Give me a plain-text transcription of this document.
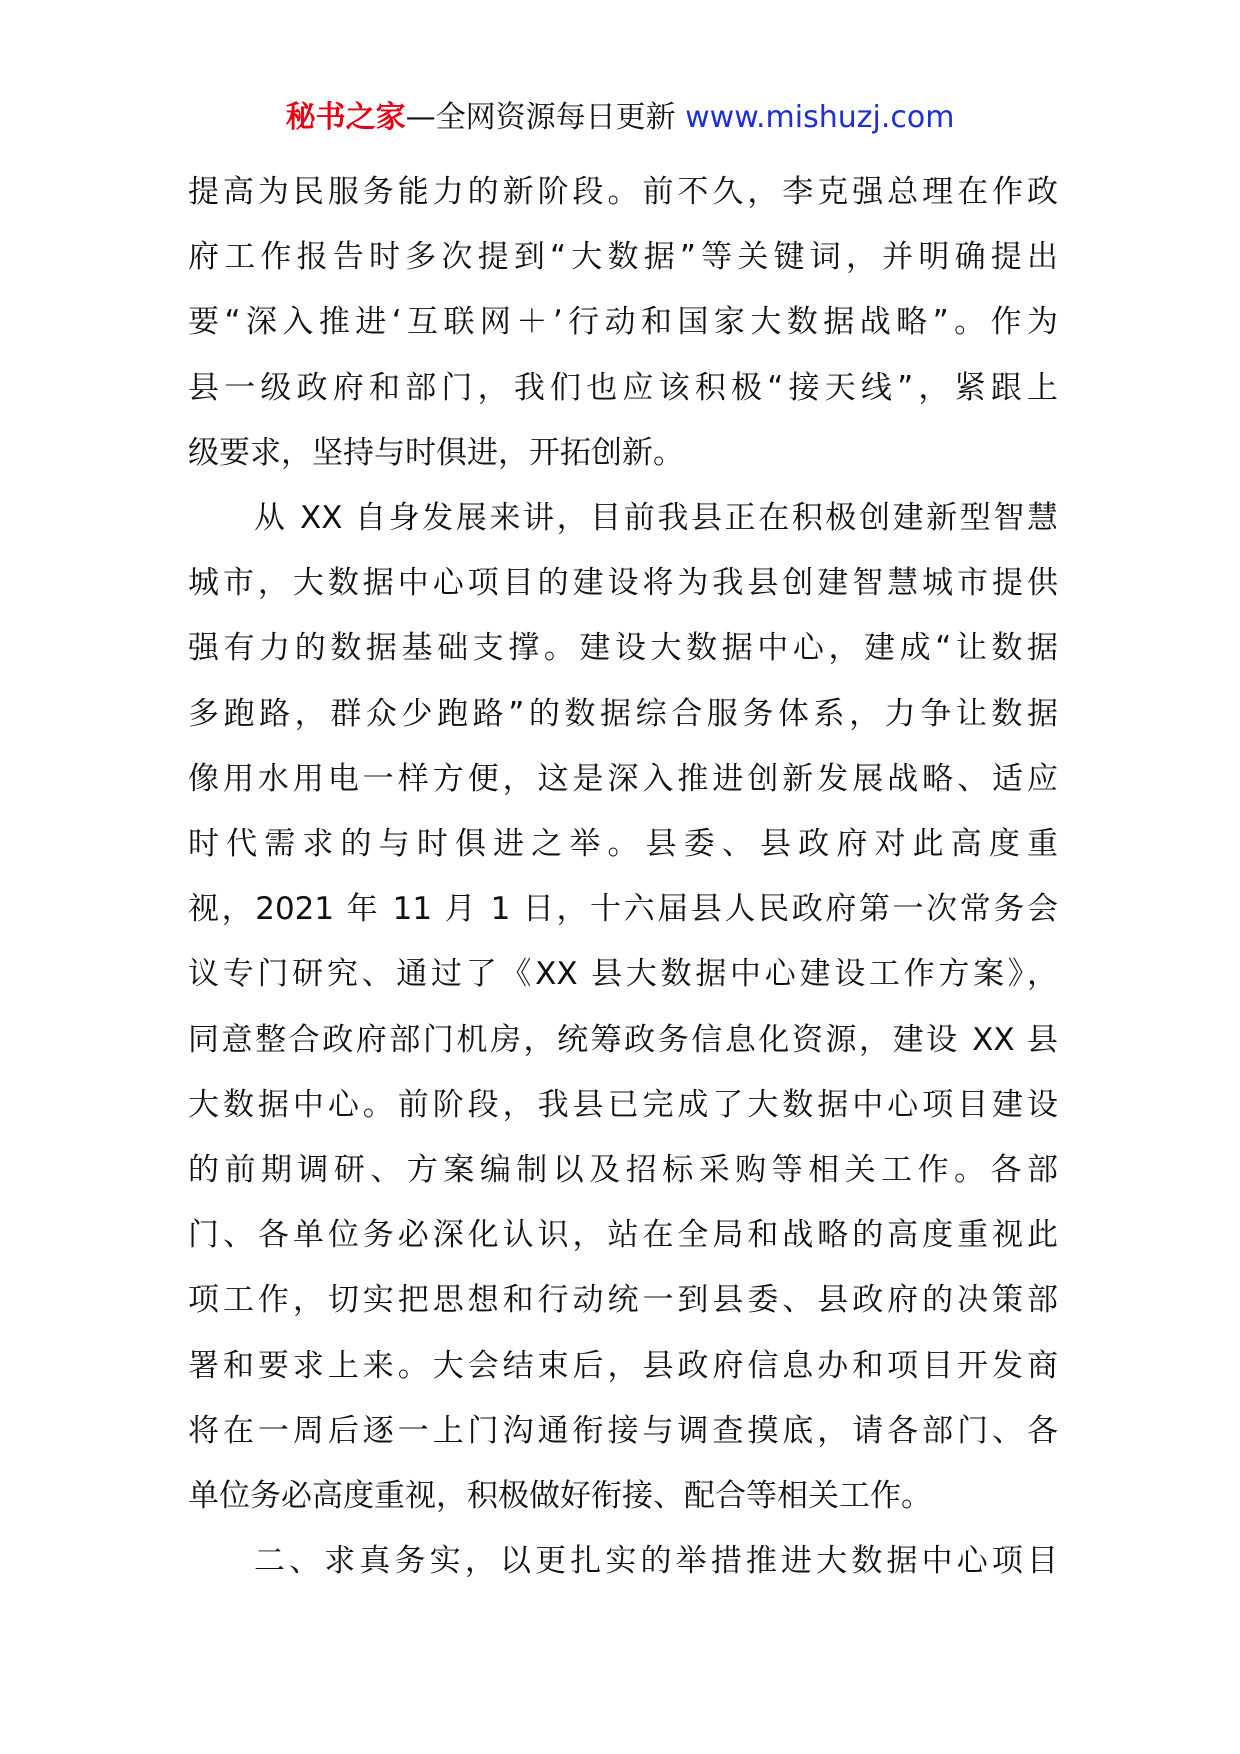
秘书之家—全网资源每日更新 www.mishuzj.com
提高为民服务能力的新阶段。前不久，李克强总理在作政
府工作报告时多次提到“大数据”等关键词，并明确提出
要“深入推进‘互联网＋’行动和国家大数据战略”。作为
县一级政府和部门，我们也应该积极“接天线”，紧跟上
级要求，坚持与时俱进，开拓创新。
从 XX 自身发展来讲，目前我县正在积极创建新型智慧
城市，大数据中心项目的建设将为我县创建智慧城市提供
强有力的数据基础支撑。建设大数据中心，建成“让数据
多跑路，群众少跑路”的数据综合服务体系，力争让数据
像用水用电一样方便，这是深入推进创新发展战略、适应
时代需求的与时俱进之举。县委、县政府对此高度重
视，2021 年 11 月 1 日，十六届县人民政府第一次常务会
议专门研究、通过了《XX 县大数据中心建设工作方案》，
同意整合政府部门机房，统筹政务信息化资源，建设 XX 县
大数据中心。前阶段，我县已完成了大数据中心项目建设
的前期调研、方案编制以及招标采购等相关工作。各部
门、各单位务必深化认识，站在全局和战略的高度重视此
项工作，切实把思想和行动统一到县委、县政府的决策部
署和要求上来。大会结束后，县政府信息办和项目开发商
将在一周后逐一上门沟通衔接与调查摸底，请各部门、各
单位务必高度重视，积极做好衔接、配合等相关工作。
二、求真务实，以更扎实的举措推进大数据中心项目
